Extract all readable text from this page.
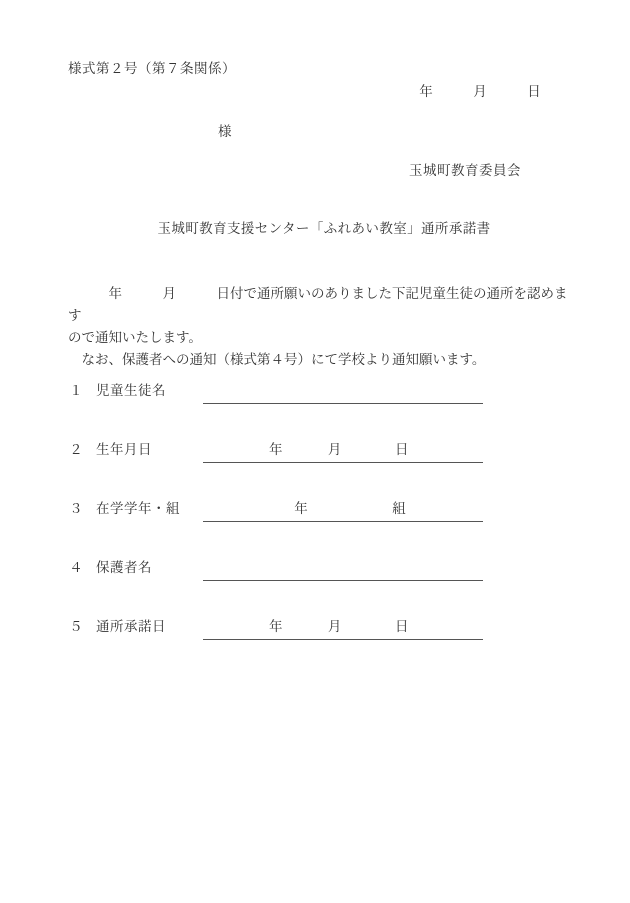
様式第２号（第７条関係）
年　　　月　　　日
様
玉城町教育委員会
玉城町教育支援センター「ふれあい教室」通所承諾書
　　　年　　　月　　　日付で通所願いのありました下記児童生徒の通所を認めます
ので通知いたします。
　なお、保護者への通知（様式第４号）にて学校より通知願います。
１ 児童生徒名
２ 生年月日	年	月	日
３ 在学学年・組	年	組
４ 保護者名
５ 通所承諾日	年	月	日
